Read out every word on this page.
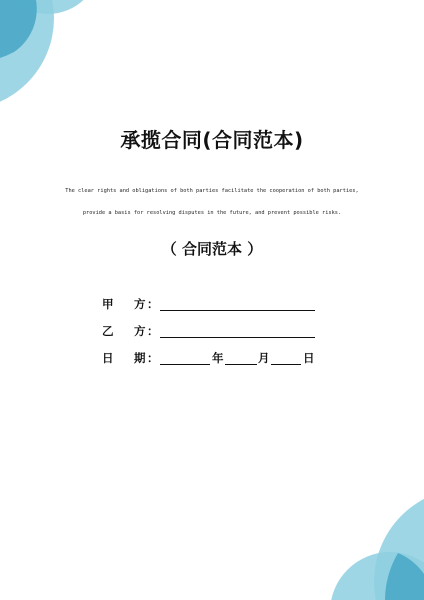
承揽合同(合同范本)
The clear rights and obligations of both parties facilitate the cooperation of both parties,
provide a basis for resolving disputes in the future, and prevent possible risks.
（ 合同范本 ）
甲 方 ：
乙 方 ：
日 期 ：	年	月	日
